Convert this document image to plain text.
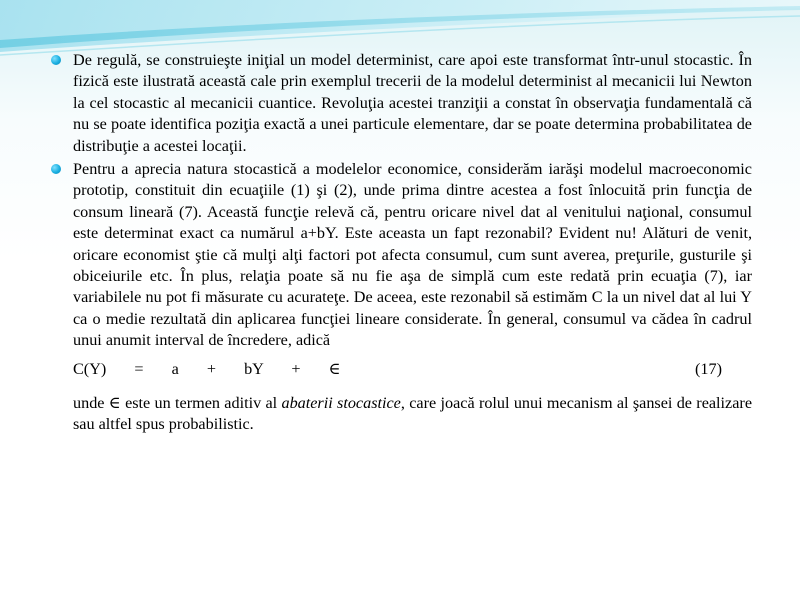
De regulă, se construieşte iniţial un model determinist, care apoi este transformat într-unul stocastic. În fizică este ilustrată această cale prin exemplul trecerii de la modelul determinist al mecanicii lui Newton la cel stocastic al mecanicii cuantice. Revoluţia acestei tranziţii a constat în observaţia fundamentală că nu se poate identifica poziţia exactă a unei particule elementare, dar se poate determina probabilitatea de distribuţie a acestei locaţii.

Pentru a aprecia natura stocastică a modelelor economice, considerăm iarăşi modelul macroeconomic prototip, constituit din ecuaţiile (1) şi (2), unde prima dintre acestea a fost înlocuită prin funcţia de consum lineară (7). Această funcţie relevă că, pentru oricare nivel dat al venitului naţional, consumul este determinat exact ca numărul a+bY. Este aceasta un fapt rezonabil? Evident nu! Alături de venit, oricare economist ştie că mulţi alţi factori pot afecta consumul, cum sunt averea, preţurile, gusturile şi obiceiurile etc. În plus, relaţia poate să nu fie aşa de simplă cum este redată prin ecuaţia (7), iar variabilele nu pot fi măsurate cu acurateţe. De aceea, este rezonabil să estimăm C la un nivel dat al lui Y ca o medie rezultată din aplicarea funcţiei lineare considerate. În general, consumul va cădea în cadrul unui anumit interval de încredere, adică

C(Y)  =  a  +  bY  +  ∈	(17)

unde ∈ este un termen aditiv al abaterii stocastice, care joacă rolul unui mecanism al şansei de realizare sau altfel spus probabilistic.
